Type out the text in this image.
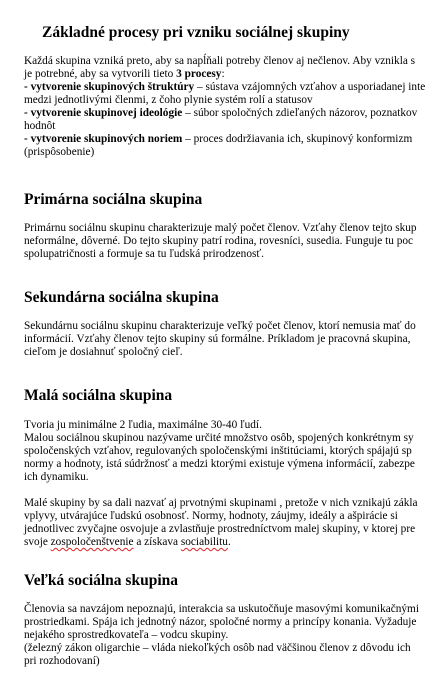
Základné procesy pri vzniku sociálnej skupiny
Každá skupina vzniká preto, aby sa napĺňali potreby členov aj nečlenov. Aby vznikla s
je potrebné, aby sa vytvorili tieto 3 procesy:
- vytvorenie skupinových štruktúry – sústava vzájomných vzťahov a usporiadanej inte
medzi jednotlivými členmi, z čoho plynie systém rolí a statusov
- vytvorenie skupinovej ideológie – súbor spoločných zdieľaných názorov, poznatkov
hodnôt
- vytvorenie skupinových noriem – proces dodržiavania ich, skupinový konformizm
(prispôsobenie)
Primárna sociálna skupina
Primárnu sociálnu skupinu charakterizuje malý počet členov. Vzťahy členov tejto skup
neformálne, dôverné. Do tejto skupiny patrí rodina, rovesníci, susedia. Funguje tu poc
spolupatričnosti a formuje sa tu ľudská prirodzenosť.
Sekundárna sociálna skupina
Sekundárnu sociálnu skupinu charakterizuje veľký počet členov, ktorí nemusia mať do
informácií. Vzťahy členov tejto skupiny sú formálne. Príkladom je pracovná skupina,
cieľom je dosiahnuť spoločný cieľ.
Malá sociálna skupina
Tvoria ju minimálne 2 ľudia, maximálne 30-40 ľudí.
Malou sociálnou skupinou nazývame určité množstvo osôb, spojených konkrétnym sy
spoločenských vzťahov, regulovaných spoločenskými inštitúciami, ktorých spájajú sp
normy a hodnoty, istá súdržnosť a medzi ktorými existuje výmena informácií, zabezpe
ich dynamiku.
Malé skupiny by sa dali nazvať aj prvotnými skupinami , pretože v nich vznikajú zákla
vplyvy, utvárajúce ľudskú osobnosť. Normy, hodnoty, záujmy, ideály a ašpirácie si
jednotlivec zvyčajne osvojuje a zvlastňuje prostredníctvom malej skupiny, v ktorej pre
svoje zospoločenštvenie a získava sociabilitu.
Veľká sociálna skupina
Členovia sa navzájom nepoznajú, interakcia sa uskutočňuje masovými komunikačnými
prostriedkami. Spája ich jednotný názor, spoločné normy a princípy konania. Vyžaduje
nejakého sprostredkovateľa – vodcu skupiny.
(železný zákon oligarchie – vláda niekoľkých osôb nad väčšinou členov z dôvodu ich
pri rozhodovaní)
